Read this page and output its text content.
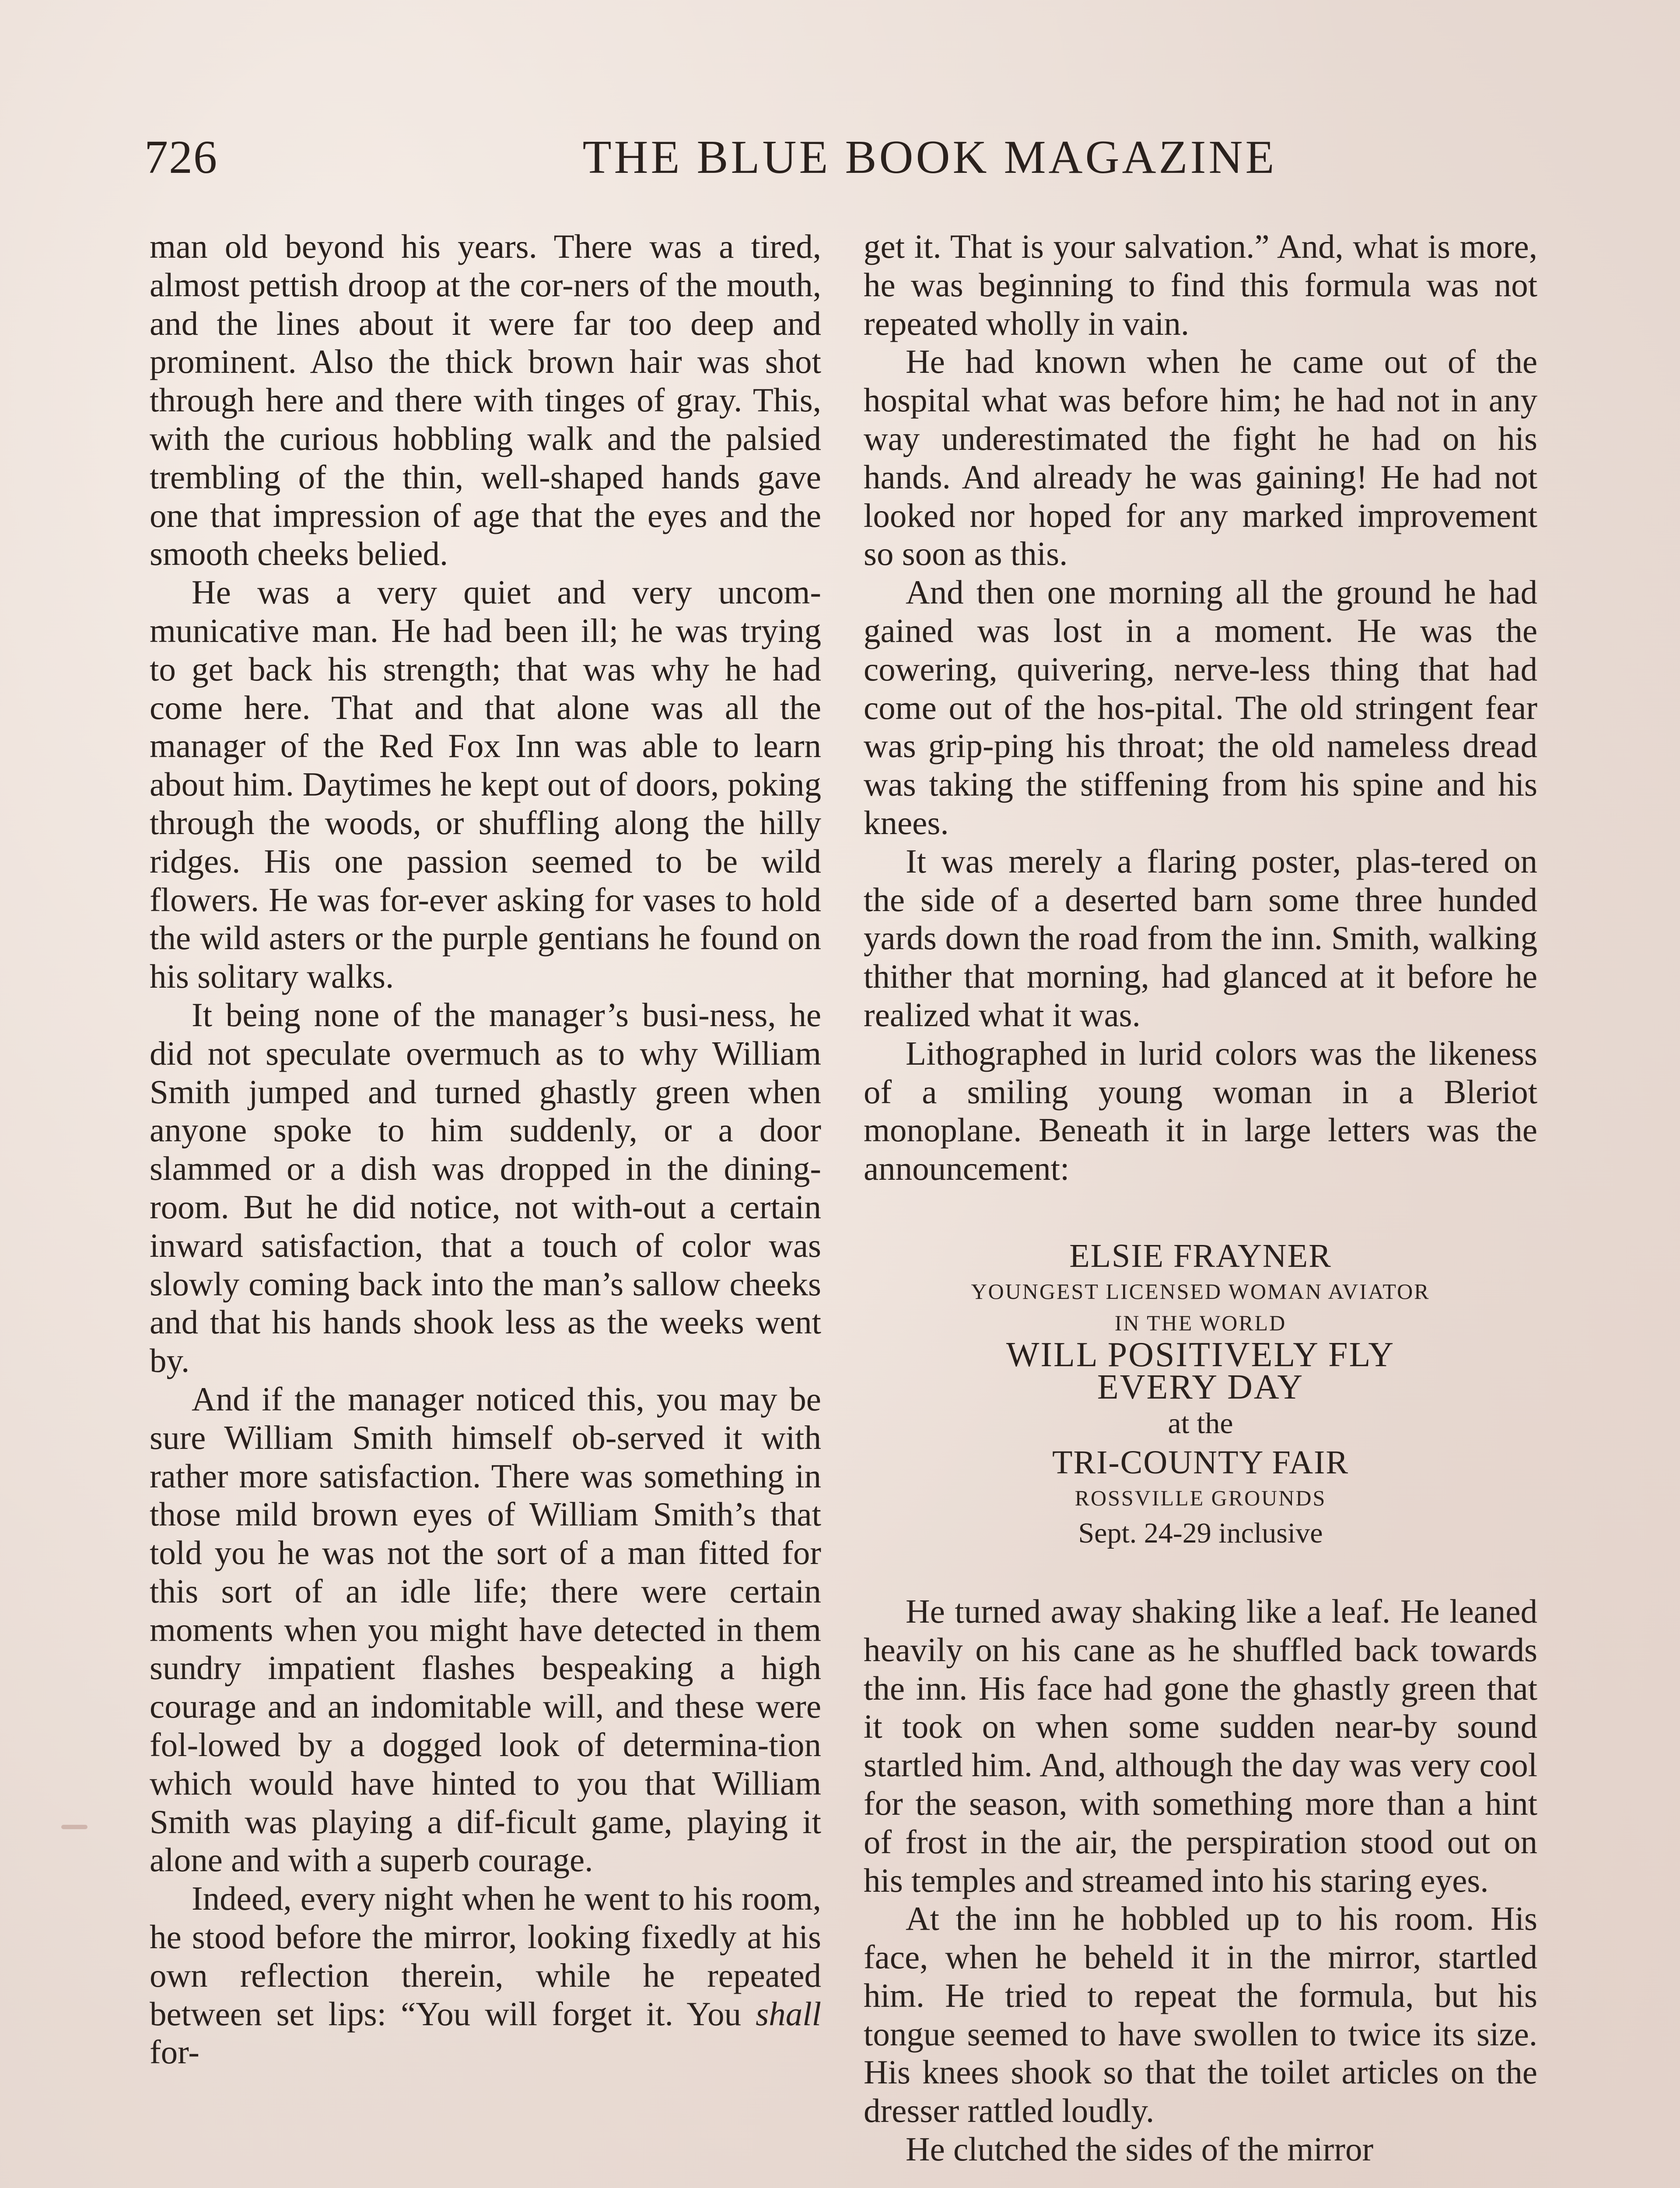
726	THE BLUE BOOK MAGAZINE

man old beyond his years. There was a tired, almost pettish droop at the cor-ners of the mouth, and the lines about it were far too deep and prominent. Also the thick brown hair was shot through here and there with tinges of gray. This, with the curious hobbling walk and the palsied trembling of the thin, well-shaped hands gave one that impression of age that the eyes and the smooth cheeks belied.

He was a very quiet and very uncom-municative man. He had been ill; he was trying to get back his strength; that was why he had come here. That and that alone was all the manager of the Red Fox Inn was able to learn about him. Daytimes he kept out of doors, poking through the woods, or shuffling along the hilly ridges. His one passion seemed to be wild flowers. He was for-ever asking for vases to hold the wild asters or the purple gentians he found on his solitary walks.

It being none of the manager’s busi-ness, he did not speculate overmuch as to why William Smith jumped and turned ghastly green when anyone spoke to him suddenly, or a door slammed or a dish was dropped in the dining-room. But he did notice, not with-out a certain inward satisfaction, that a touch of color was slowly coming back into the man’s sallow cheeks and that his hands shook less as the weeks went by.

And if the manager noticed this, you may be sure William Smith himself ob-served it with rather more satisfaction. There was something in those mild brown eyes of William Smith’s that told you he was not the sort of a man fitted for this sort of an idle life; there were certain moments when you might have detected in them sundry impatient flashes bespeaking a high courage and an indomitable will, and these were fol-lowed by a dogged look of determina-tion which would have hinted to you that William Smith was playing a dif-ficult game, playing it alone and with a superb courage.

Indeed, every night when he went to his room, he stood before the mirror, looking fixedly at his own reflection therein, while he repeated between set lips: “You will forget it. You shall for-

get it. That is your salvation.” And, what is more, he was beginning to find this formula was not repeated wholly in vain.

He had known when he came out of the hospital what was before him; he had not in any way underestimated the fight he had on his hands. And already he was gaining! He had not looked nor hoped for any marked improvement so soon as this.

And then one morning all the ground he had gained was lost in a moment. He was the cowering, quivering, nerve-less thing that had come out of the hos-pital. The old stringent fear was grip-ping his throat; the old nameless dread was taking the stiffening from his spine and his knees.

It was merely a flaring poster, plas-tered on the side of a deserted barn some three hunded yards down the road from the inn. Smith, walking thither that morning, had glanced at it before he realized what it was.

Lithographed in lurid colors was the likeness of a smiling young woman in a Bleriot monoplane. Beneath it in large letters was the announcement:

ELSIE FRAYNER
YOUNGEST LICENSED WOMAN AVIATOR
IN THE WORLD
WILL POSITIVELY FLY
EVERY DAY
at the
TRI-COUNTY FAIR
ROSSVILLE GROUNDS
Sept. 24-29 inclusive

He turned away shaking like a leaf. He leaned heavily on his cane as he shuffled back towards the inn. His face had gone the ghastly green that it took on when some sudden near-by sound startled him. And, although the day was very cool for the season, with something more than a hint of frost in the air, the perspiration stood out on his temples and streamed into his staring eyes.

At the inn he hobbled up to his room. His face, when he beheld it in the mirror, startled him. He tried to repeat the formula, but his tongue seemed to have swollen to twice its size. His knees shook so that the toilet articles on the dresser rattled loudly.

He clutched the sides of the mirror
